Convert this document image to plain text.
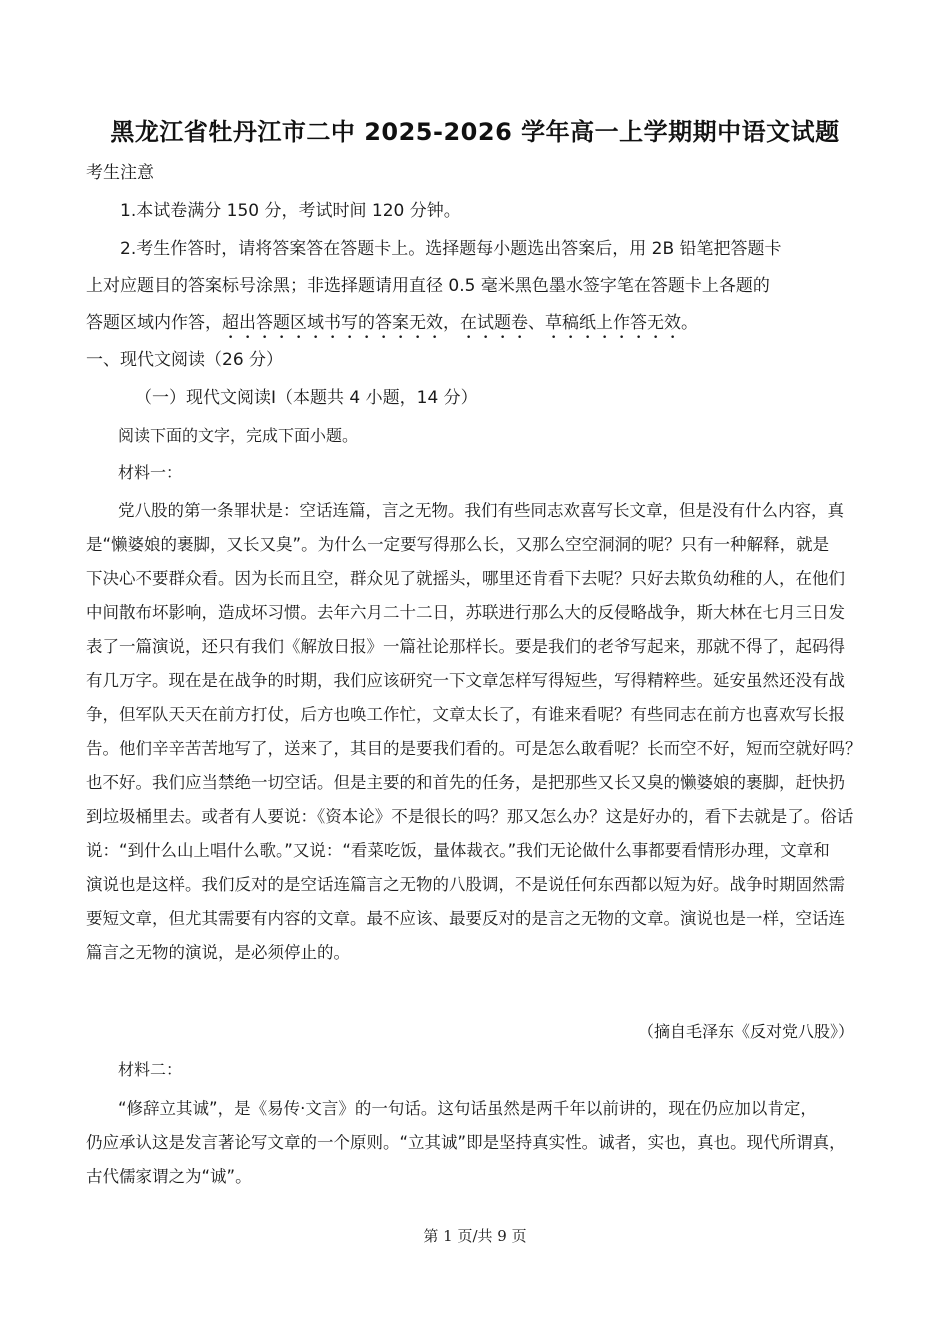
黑龙江省牡丹江市二中 2025-2026 学年高一上学期期中语文试题
考生注意
1.本试卷满分 150 分，考试时间 120 分钟。
2.考生作答时，请将答案答在答题卡上。选择题每小题选出答案后，用 2B 铅笔把答题卡
上对应题目的答案标号涂黑；非选择题请用直径 0.5 毫米黑色墨水签字笔在答题卡上各题的
答题区域内作答，超出答题区域书写的答案无效，在试题卷、草稿纸上作答无效。
一、现代文阅读（26 分）
（一）现代文阅读Ⅰ（本题共 4 小题，14 分）
阅读下面的文字，完成下面小题。
材料一：
党八股的第一条罪状是：空话连篇，言之无物。我们有些同志欢喜写长文章，但是没有什么内容，真
是“懒婆娘的裹脚，又长又臭”。为什么一定要写得那么长，又那么空空洞洞的呢？只有一种解释，就是
下决心不要群众看。因为长而且空，群众见了就摇头，哪里还肯看下去呢？只好去欺负幼稚的人，在他们
中间散布坏影响，造成坏习惯。去年六月二十二日，苏联进行那么大的反侵略战争，斯大林在七月三日发
表了一篇演说，还只有我们《解放日报》一篇社论那样长。要是我们的老爷写起来，那就不得了，起码得
有几万字。现在是在战争的时期，我们应该研究一下文章怎样写得短些，写得精粹些。延安虽然还没有战
争，但军队天天在前方打仗，后方也唤工作忙，文章太长了，有谁来看呢？有些同志在前方也喜欢写长报
告。他们辛辛苦苦地写了，送来了，其目的是要我们看的。可是怎么敢看呢？长而空不好，短而空就好吗？
也不好。我们应当禁绝一切空话。但是主要的和首先的任务，是把那些又长又臭的懒婆娘的裹脚，赶快扔
到垃圾桶里去。或者有人要说：《资本论》不是很长的吗？那又怎么办？这是好办的，看下去就是了。俗话
说：“到什么山上唱什么歌。”又说：“看菜吃饭，量体裁衣。”我们无论做什么事都要看情形办理，文章和
演说也是这样。我们反对的是空话连篇言之无物的八股调，不是说任何东西都以短为好。战争时期固然需
要短文章，但尤其需要有内容的文章。最不应该、最要反对的是言之无物的文章。演说也是一样，空话连
篇言之无物的演说，是必须停止的。
（摘自毛泽东《反对党八股》）
材料二：
“修辞立其诚”，是《易传·文言》的一句话。这句话虽然是两千年以前讲的，现在仍应加以肯定，
仍应承认这是发言著论写文章的一个原则。“立其诚”即是坚持真实性。诚者，实也，真也。现代所谓真，
古代儒家谓之为“诚”。
第 1 页/共 9 页
